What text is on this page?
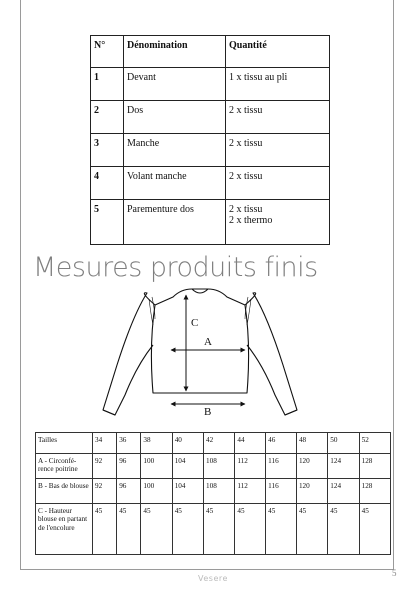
N°	Dénomination	Quantité
1	Devant	1 x tissu au pli
2	Dos	2 x tissu
3	Manche	2 x tissu
4	Volant manche	2 x tissu
5	Parementure dos	2 x tissu
2 x thermo
Mesures produits finis
A
B
C
Tailles	34	36	38	40	42	44	46	48	50	52
A - Circonfé-rence poitrine	92	96	100	104	108	112	116	120	124	128
B - Bas de blouse	92	96	100	104	108	112	116	120	124	128
C - Hauteur blouse en partant de l'encolure	45	45	45	45	45	45	45	45	45	45
Vesere
5
